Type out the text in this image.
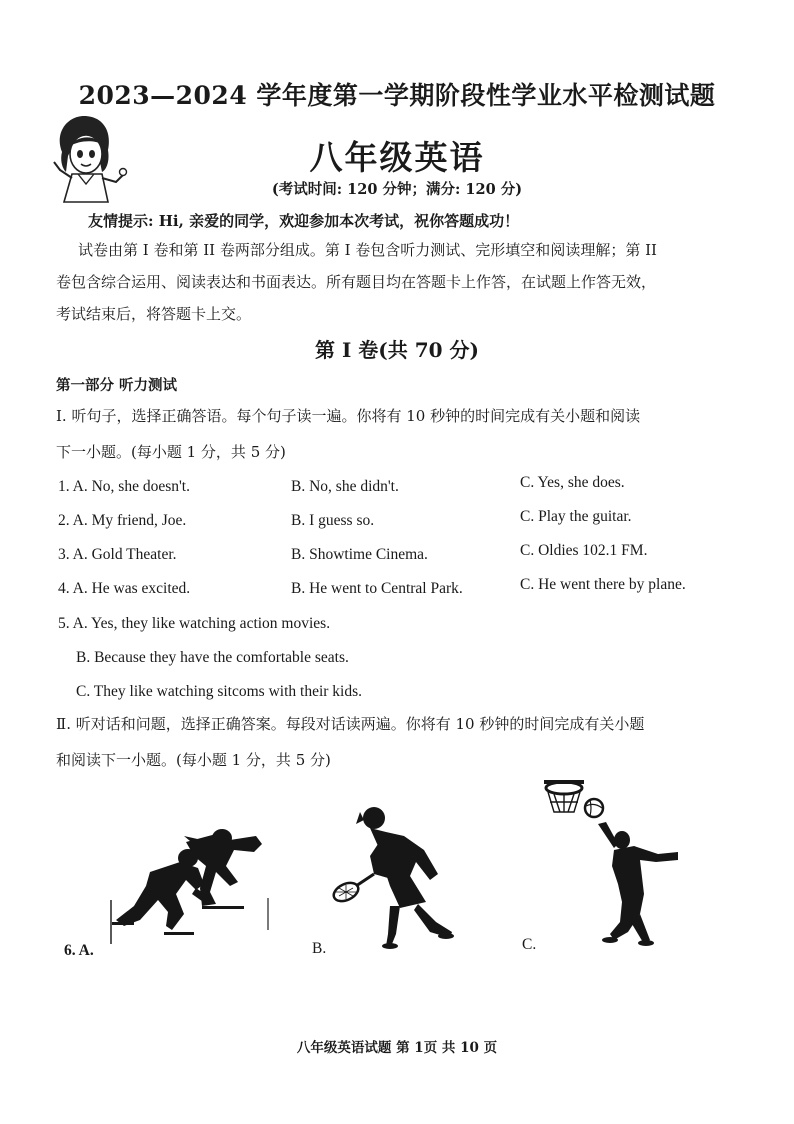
2023—2024 学年度第一学期阶段性学业水平检测试题
八年级英语
(考试时间: 120 分钟；满分: 120 分)
友情提示: Hi, 亲爱的同学，欢迎参加本次考试，祝你答题成功！
试卷由第 I 卷和第 II 卷两部分组成。第 I 卷包含听力测试、完形填空和阅读理解；第 II
卷包含综合运用、阅读表达和书面表达。所有题目均在答题卡上作答，在试题上作答无效，
考试结束后，将答题卡上交。
第 I 卷(共 70 分)
第一部分 听力测试
Ⅰ. 听句子，选择正确答语。每个句子读一遍。你将有 10 秒钟的时间完成有关小题和阅读
下一小题。(每小题 1 分，共 5 分)
1. A. No, she doesn't.	B. No, she didn't.	C. Yes, she does.
2. A. My friend, Joe.	B. I guess so.	C. Play the guitar.
3. A. Gold Theater.	B. Showtime Cinema.	C. Oldies 102.1 FM.
4. A. He was excited.	B. He went to Central Park.	C. He went there by plane.
5. A. Yes, they like watching action movies.
B. Because they have the comfortable seats.
C. They like watching sitcoms with their kids.
Ⅱ. 听对话和问题，选择正确答案。每段对话读两遍。你将有 10 秒钟的时间完成有关小题
和阅读下一小题。(每小题 1 分，共 5 分)
6. A.	B.	C.
八年级英语试题 第 1页 共 10 页
